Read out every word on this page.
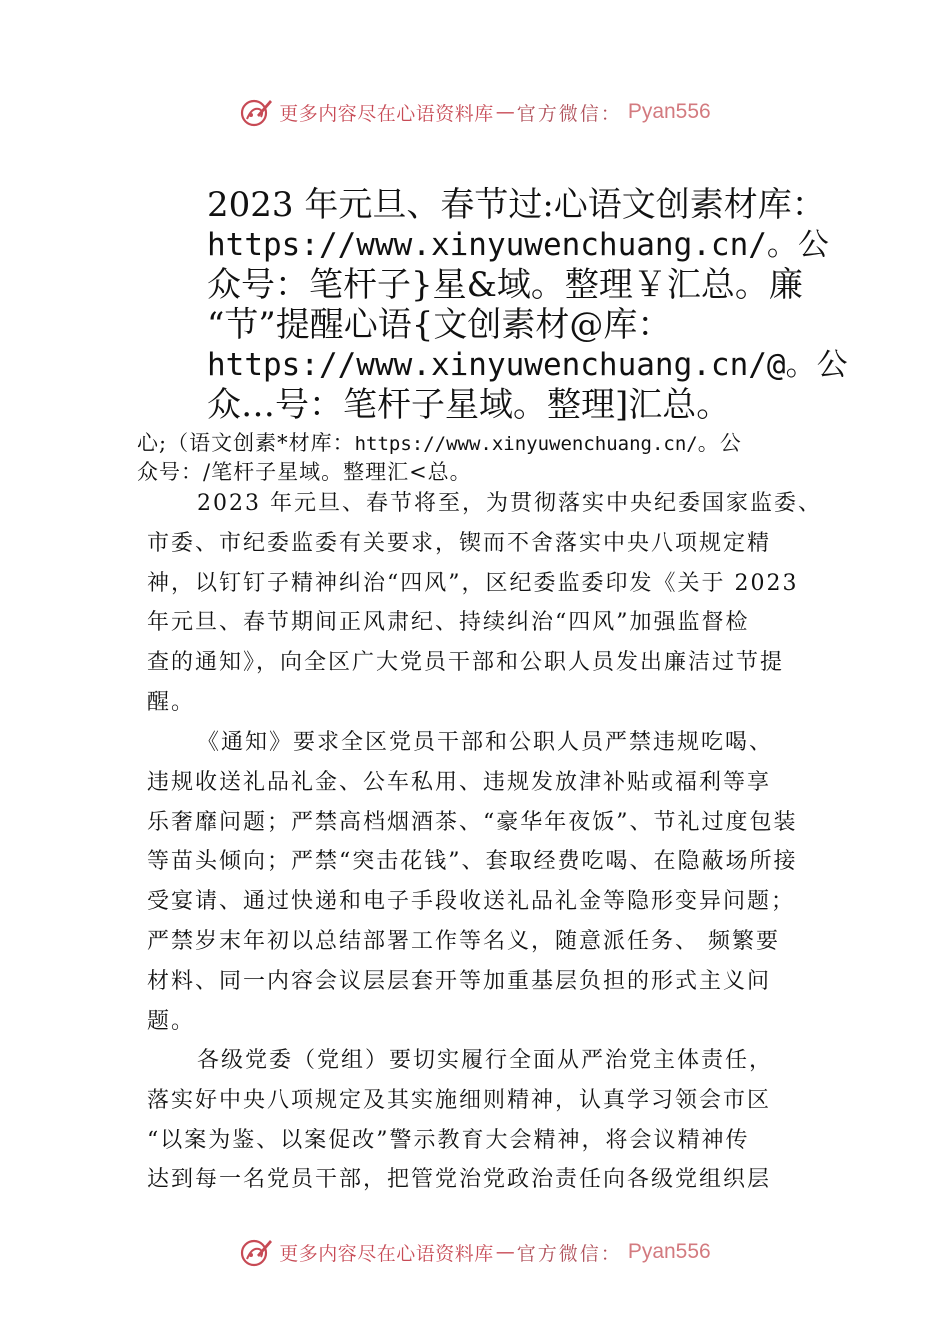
更多内容尽在心语资料库 — 官方微信： Pyan556
2023 年元旦、春节过:心语文创素材库：
https://www.xinyuwenchuang.cn/。公
众号：笔杆子}星&域。整理￥汇总。廉
“节”提醒心语{文创素材@库：
https://www.xinyuwenchuang.cn/@。公
众…号：笔杆子星域。整理]汇总。
心;（语文创素*材库：https://www.xinyuwenchuang.cn/。公
众号：/笔杆子星域。整理汇<总。
2023 年元旦、春节将至，为贯彻落实中央纪委国家监委、
市委、市纪委监委有关要求，锲而不舍落实中央八项规定精
神，以钉钉子精神纠治“四风”，区纪委监委印发《关于 2023
年元旦、春节期间正风肃纪、持续纠治“四风”加强监督检
查的通知》，向全区广大党员干部和公职人员发出廉洁过节提
醒。
《通知》要求全区党员干部和公职人员严禁违规吃喝、
违规收送礼品礼金、公车私用、违规发放津补贴或福利等享
乐奢靡问题；严禁高档烟酒茶、“豪华年夜饭”、节礼过度包装
等苗头倾向；严禁“突击花钱”、套取经费吃喝、在隐蔽场所接
受宴请、通过快递和电子手段收送礼品礼金等隐形变异问题；
严禁岁末年初以总结部署工作等名义，随意派任务、 频繁要
材料、同一内容会议层层套开等加重基层负担的形式主义问
题。
各级党委（党组）要切实履行全面从严治党主体责任，
落实好中央八项规定及其实施细则精神，认真学习领会市区
“以案为鉴、以案促改”警示教育大会精神，将会议精神传
达到每一名党员干部，把管党治党政治责任向各级党组织层
更多内容尽在心语资料库 — 官方微信： Pyan556
